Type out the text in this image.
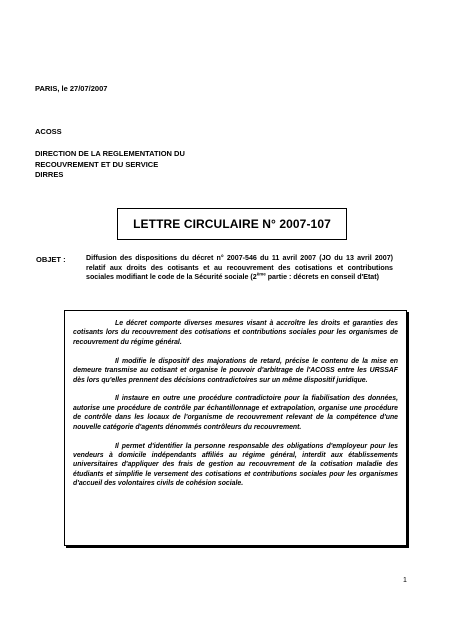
PARIS, le 27/07/2007
ACOSS
DIRECTION DE LA REGLEMENTATION DU
RECOUVREMENT ET DU SERVICE
DIRRES
LETTRE CIRCULAIRE N° 2007-107
OBJET :	Diffusion des dispositions du décret n° 2007-546 du 11 avril 2007 (JO du 13 avril 2007) relatif aux droits des cotisants et au recouvrement des cotisations et contributions sociales modifiant le code de la Sécurité sociale (2ème partie : décrets en conseil d'Etat)

Le décret comporte diverses mesures visant à accroître les droits et garanties des cotisants lors du recouvrement des cotisations et contributions sociales pour les organismes de recouvrement du régime général.

Il modifie le dispositif des majorations de retard, précise le contenu de la mise en demeure transmise au cotisant et organise le pouvoir d'arbitrage de l'ACOSS entre les URSSAF dès lors qu'elles prennent des décisions contradictoires sur un même dispositif juridique.

Il instaure en outre une procédure contradictoire pour la fiabilisation des données, autorise une procédure de contrôle par échantillonnage et extrapolation, organise une procédure de contrôle dans les locaux de l'organisme de recouvrement relevant de la compétence d'une nouvelle catégorie d'agents dénommés contrôleurs du recouvrement.

Il permet d'identifier la personne responsable des obligations d'employeur pour les vendeurs à domicile indépendants affiliés au régime général, interdit aux établissements universitaires d'appliquer des frais de gestion au recouvrement de la cotisation maladie des étudiants et simplifie le versement des cotisations et contributions sociales pour les organismes d'accueil des volontaires civils de cohésion sociale.

1
